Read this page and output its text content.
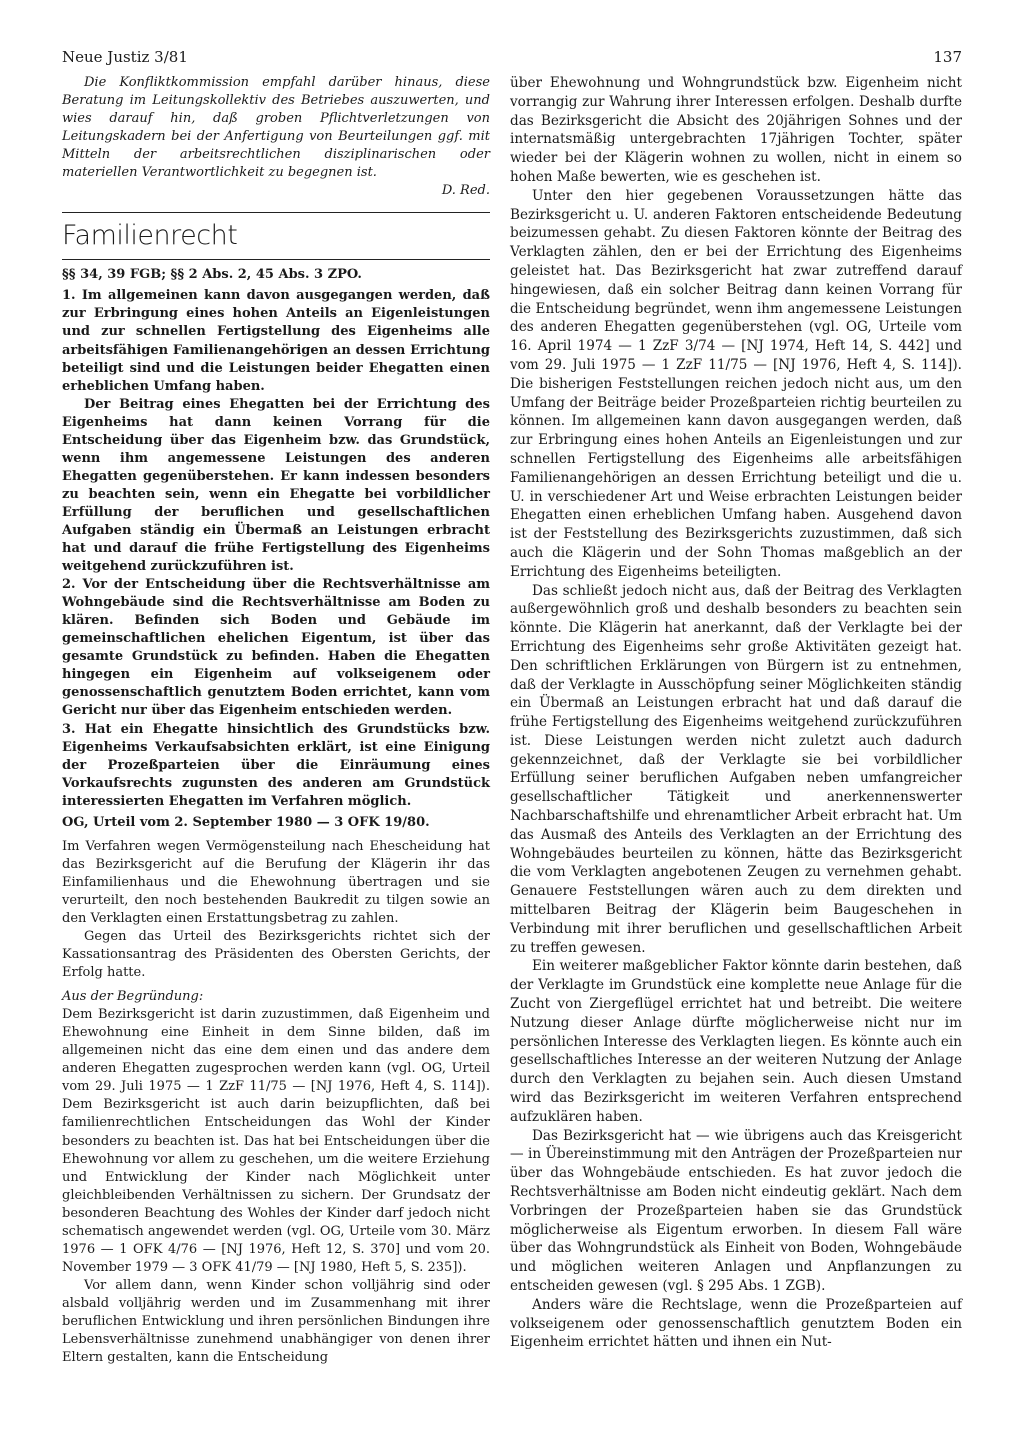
Neue Justiz 3/81	137

Die Konfliktkommission empfahl darüber hinaus, diese Beratung im Leitungskollektiv des Betriebes auszuwerten, und wies darauf hin, daß groben Pflichtverletzungen von Leitungskadern bei der Anfertigung von Beurteilungen ggf. mit Mitteln der arbeitsrechtlichen disziplinarischen oder materiellen Verantwortlichkeit zu begegnen ist.

D. Red.

Familienrecht

§§ 34, 39 FGB; §§ 2 Abs. 2, 45 Abs. 3 ZPO.

1. Im allgemeinen kann davon ausgegangen werden, daß zur Erbringung eines hohen Anteils an Eigenleistungen und zur schnellen Fertigstellung des Eigenheims alle arbeitsfähigen Familienangehörigen an dessen Errichtung beteiligt sind und die Leistungen beider Ehegatten einen erheblichen Umfang haben.

Der Beitrag eines Ehegatten bei der Errichtung des Eigenheims hat dann keinen Vorrang für die Entscheidung über das Eigenheim bzw. das Grundstück, wenn ihm angemessene Leistungen des anderen Ehegatten gegenüberstehen. Er kann indessen besonders zu beachten sein, wenn ein Ehegatte bei vorbildlicher Erfüllung der beruflichen und gesellschaftlichen Aufgaben ständig ein Übermaß an Leistungen erbracht hat und darauf die frühe Fertigstellung des Eigenheims weitgehend zurückzuführen ist.

2. Vor der Entscheidung über die Rechtsverhältnisse am Wohngebäude sind die Rechtsverhältnisse am Boden zu klären. Befinden sich Boden und Gebäude im gemeinschaftlichen ehelichen Eigentum, ist über das gesamte Grundstück zu befinden. Haben die Ehegatten hingegen ein Eigenheim auf volkseigenem oder genossenschaftlich genutztem Boden errichtet, kann vom Gericht nur über das Eigenheim entschieden werden.

3. Hat ein Ehegatte hinsichtlich des Grundstücks bzw. Eigenheims Verkaufsabsichten erklärt, ist eine Einigung der Prozeßparteien über die Einräumung eines Vorkaufsrechts zugunsten des anderen am Grundstück interessierten Ehegatten im Verfahren möglich.

OG, Urteil vom 2. September 1980 — 3 OFK 19/80.

Im Verfahren wegen Vermögensteilung nach Ehescheidung hat das Bezirksgericht auf die Berufung der Klägerin ihr das Einfamilienhaus und die Ehewohnung übertragen und sie verurteilt, den noch bestehenden Baukredit zu tilgen sowie an den Verklagten einen Erstattungsbetrag zu zahlen.

Gegen das Urteil des Bezirksgerichts richtet sich der Kassationsantrag des Präsidenten des Obersten Gerichts, der Erfolg hatte.

Aus der Begründung:

Dem Bezirksgericht ist darin zuzustimmen, daß Eigenheim und Ehewohnung eine Einheit in dem Sinne bilden, daß im allgemeinen nicht das eine dem einen und das andere dem anderen Ehegatten zugesprochen werden kann (vgl. OG, Urteil vom 29. Juli 1975 — 1 ZzF 11/75 — [NJ 1976, Heft 4, S. 114]). Dem Bezirksgericht ist auch darin beizupflichten, daß bei familienrechtlichen Entscheidungen das Wohl der Kinder besonders zu beachten ist. Das hat bei Entscheidungen über die Ehewohnung vor allem zu geschehen, um die weitere Erziehung und Entwicklung der Kinder nach Möglichkeit unter gleichbleibenden Verhältnissen zu sichern. Der Grundsatz der besonderen Beachtung des Wohles der Kinder darf jedoch nicht schematisch angewendet werden (vgl. OG, Urteile vom 30. März 1976 — 1 OFK 4/76 — [NJ 1976, Heft 12, S. 370] und vom 20. November 1979 — 3 OFK 41/79 — [NJ 1980, Heft 5, S. 235]).

Vor allem dann, wenn Kinder schon volljährig sind oder alsbald volljährig werden und im Zusammenhang mit ihrer beruflichen Entwicklung und ihren persönlichen Bindungen ihre Lebensverhältnisse zunehmend unabhängiger von denen ihrer Eltern gestalten, kann die Entscheidung

über Ehewohnung und Wohngrundstück bzw. Eigenheim nicht vorrangig zur Wahrung ihrer Interessen erfolgen. Deshalb durfte das Bezirksgericht die Absicht des 20jährigen Sohnes und der internatsmäßig untergebrachten 17jährigen Tochter, später wieder bei der Klägerin wohnen zu wollen, nicht in einem so hohen Maße bewerten, wie es geschehen ist.

Unter den hier gegebenen Voraussetzungen hätte das Bezirksgericht u. U. anderen Faktoren entscheidende Bedeutung beizumessen gehabt. Zu diesen Faktoren könnte der Beitrag des Verklagten zählen, den er bei der Errichtung des Eigenheims geleistet hat. Das Bezirksgericht hat zwar zutreffend darauf hingewiesen, daß ein solcher Beitrag dann keinen Vorrang für die Entscheidung begründet, wenn ihm angemessene Leistungen des anderen Ehegatten gegenüberstehen (vgl. OG, Urteile vom 16. April 1974 — 1 ZzF 3/74 — [NJ 1974, Heft 14, S. 442] und vom 29. Juli 1975 — 1 ZzF 11/75 — [NJ 1976, Heft 4, S. 114]). Die bisherigen Feststellungen reichen jedoch nicht aus, um den Umfang der Beiträge beider Prozeßparteien richtig beurteilen zu können. Im allgemeinen kann davon ausgegangen werden, daß zur Erbringung eines hohen Anteils an Eigenleistungen und zur schnellen Fertigstellung des Eigenheims alle arbeitsfähigen Familienangehörigen an dessen Errichtung beteiligt und die u. U. in verschiedener Art und Weise erbrachten Leistungen beider Ehegatten einen erheblichen Umfang haben. Ausgehend davon ist der Feststellung des Bezirksgerichts zuzustimmen, daß sich auch die Klägerin und der Sohn Thomas maßgeblich an der Errichtung des Eigenheims beteiligten.

Das schließt jedoch nicht aus, daß der Beitrag des Verklagten außergewöhnlich groß und deshalb besonders zu beachten sein könnte. Die Klägerin hat anerkannt, daß der Verklagte bei der Errichtung des Eigenheims sehr große Aktivitäten gezeigt hat. Den schriftlichen Erklärungen von Bürgern ist zu entnehmen, daß der Verklagte in Ausschöpfung seiner Möglichkeiten ständig ein Übermaß an Leistungen erbracht hat und daß darauf die frühe Fertigstellung des Eigenheims weitgehend zurückzuführen ist. Diese Leistungen werden nicht zuletzt auch dadurch gekennzeichnet, daß der Verklagte sie bei vorbildlicher Erfüllung seiner beruflichen Aufgaben neben umfangreicher gesellschaftlicher Tätigkeit und anerkennenswerter Nachbarschaftshilfe und ehrenamtlicher Arbeit erbracht hat. Um das Ausmaß des Anteils des Verklagten an der Errichtung des Wohngebäudes beurteilen zu können, hätte das Bezirksgericht die vom Verklagten angebotenen Zeugen zu vernehmen gehabt. Genauere Feststellungen wären auch zu dem direkten und mittelbaren Beitrag der Klägerin beim Baugeschehen in Verbindung mit ihrer beruflichen und gesellschaftlichen Arbeit zu treffen gewesen.

Ein weiterer maßgeblicher Faktor könnte darin bestehen, daß der Verklagte im Grundstück eine komplette neue Anlage für die Zucht von Ziergeflügel errichtet hat und betreibt. Die weitere Nutzung dieser Anlage dürfte möglicherweise nicht nur im persönlichen Interesse des Verklagten liegen. Es könnte auch ein gesellschaftliches Interesse an der weiteren Nutzung der Anlage durch den Verklagten zu bejahen sein. Auch diesen Umstand wird das Bezirksgericht im weiteren Verfahren entsprechend aufzuklären haben.

Das Bezirksgericht hat — wie übrigens auch das Kreisgericht — in Übereinstimmung mit den Anträgen der Prozeßparteien nur über das Wohngebäude entschieden. Es hat zuvor jedoch die Rechtsverhältnisse am Boden nicht eindeutig geklärt. Nach dem Vorbringen der Prozeßparteien haben sie das Grundstück möglicherweise als Eigentum erworben. In diesem Fall wäre über das Wohngrundstück als Einheit von Boden, Wohngebäude und möglichen weiteren Anlagen und Anpflanzungen zu entscheiden gewesen (vgl. § 295 Abs. 1 ZGB).

Anders wäre die Rechtslage, wenn die Prozeßparteien auf volkseigenem oder genossenschaftlich genutztem Boden ein Eigenheim errichtet hätten und ihnen ein Nut-
